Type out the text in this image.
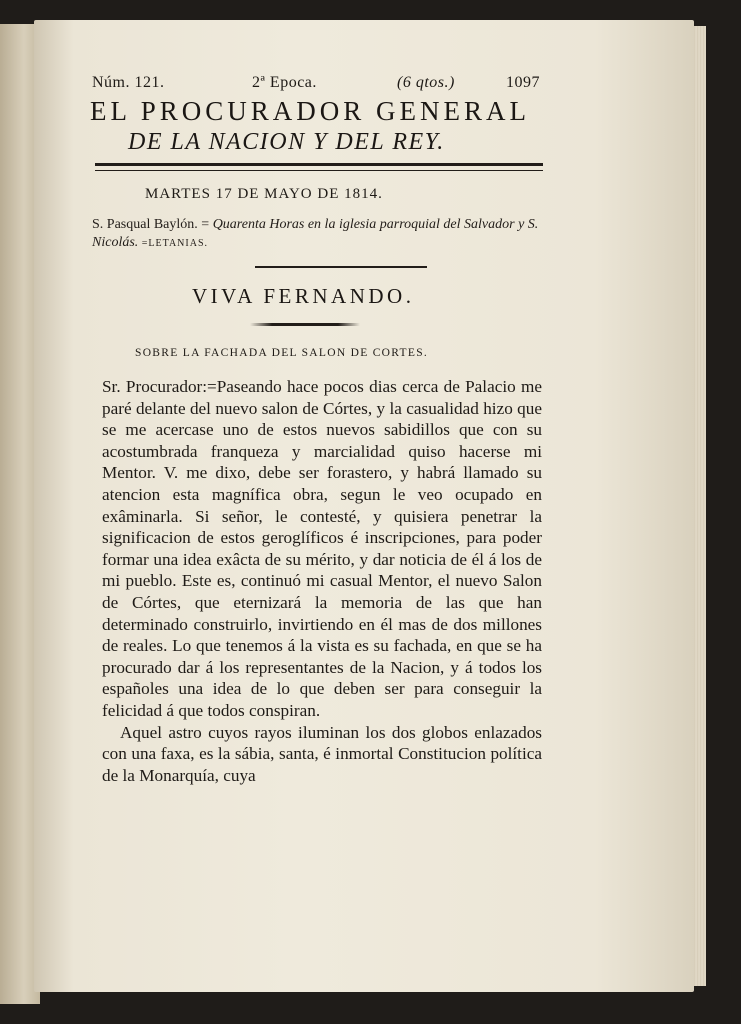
Núm. 121.	2ª Epoca.	(6 qtos.)	1097
EL PROCURADOR GENERAL
DE LA NACION Y DEL REY.
MARTES 17 DE MAYO DE 1814.
S. Pasqual Baylón. = Quarenta Horas en la iglesia parroquial del Salvador y S. Nicolás. =LETANIAS.
VIVA FERNANDO.
SOBRE LA FACHADA DEL SALON DE CORTES.

Sr. Procurador:=Paseando hace pocos dias cerca de Palacio me paré delante del nuevo salon de Córtes, y la casualidad hizo que se me acercase uno de estos nuevos sabidillos que con su acostumbrada franqueza y marcialidad quiso hacerse mi Mentor. V. me dixo, debe ser forastero, y habrá llamado su atencion esta magnífica obra, segun le veo ocupado en exâminarla. Si señor, le contesté, y quisiera penetrar la significacion de estos geroglíficos é inscripciones, para poder formar una idea exâcta de su mérito, y dar noticia de él á los de mi pueblo. Este es, continuó mi casual Mentor, el nuevo Salon de Córtes, que eternizará la memoria de las que han determinado construirlo, invirtiendo en él mas de dos millones de reales. Lo que tenemos á la vista es su fachada, en que se ha procurado dar á los representantes de la Nacion, y á todos los españoles una idea de lo que deben ser para conseguir la felicidad á que todos conspiran.

Aquel astro cuyos rayos iluminan los dos globos enlazados con una faxa, es la sábia, santa, é inmortal Constitucion política de la Monarquía, cuya
